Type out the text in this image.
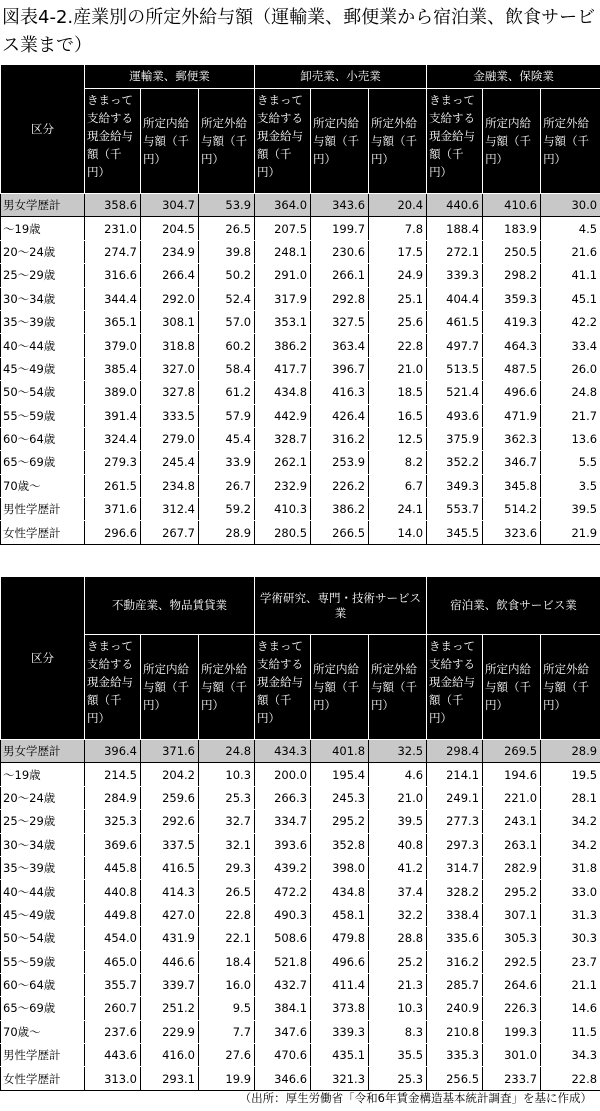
図表4-2.産業別の所定外給与額（運輸業、郵便業から宿泊業、飲食サービス業まで）
区分	運輸業、郵便業			卸売業、小売業			金融業、保険業		
	きまって支給する現金給与額（千円）	所定内給与額（千円）	所定外給与額（千円）	きまって支給する現金給与額（千円）	所定内給与額（千円）	所定外給与額（千円）	きまって支給する現金給与額（千円）	所定内給与額（千円）	所定外給与額（千円）
男女学歴計	358.6	304.7	53.9	364.0	343.6	20.4	440.6	410.6	30.0
～19歳	231.0	204.5	26.5	207.5	199.7	7.8	188.4	183.9	4.5
20～24歳	274.7	234.9	39.8	248.1	230.6	17.5	272.1	250.5	21.6
25～29歳	316.6	266.4	50.2	291.0	266.1	24.9	339.3	298.2	41.1
30～34歳	344.4	292.0	52.4	317.9	292.8	25.1	404.4	359.3	45.1
35～39歳	365.1	308.1	57.0	353.1	327.5	25.6	461.5	419.3	42.2
40～44歳	379.0	318.8	60.2	386.2	363.4	22.8	497.7	464.3	33.4
45～49歳	385.4	327.0	58.4	417.7	396.7	21.0	513.5	487.5	26.0
50～54歳	389.0	327.8	61.2	434.8	416.3	18.5	521.4	496.6	24.8
55～59歳	391.4	333.5	57.9	442.9	426.4	16.5	493.6	471.9	21.7
60～64歳	324.4	279.0	45.4	328.7	316.2	12.5	375.9	362.3	13.6
65～69歳	279.3	245.4	33.9	262.1	253.9	8.2	352.2	346.7	5.5
70歳～	261.5	234.8	26.7	232.9	226.2	6.7	349.3	345.8	3.5
男性学歴計	371.6	312.4	59.2	410.3	386.2	24.1	553.7	514.2	39.5
女性学歴計	296.6	267.7	28.9	280.5	266.5	14.0	345.5	323.6	21.9
区分	不動産業、物品賃貸業			学術研究、専門・技術サービス業			宿泊業、飲食サービス業		
	きまって支給する現金給与額（千円）	所定内給与額（千円）	所定外給与額（千円）	きまって支給する現金給与額（千円）	所定内給与額（千円）	所定外給与額（千円）	きまって支給する現金給与額（千円）	所定内給与額（千円）	所定外給与額（千円）
男女学歴計	396.4	371.6	24.8	434.3	401.8	32.5	298.4	269.5	28.9
～19歳	214.5	204.2	10.3	200.0	195.4	4.6	214.1	194.6	19.5
20～24歳	284.9	259.6	25.3	266.3	245.3	21.0	249.1	221.0	28.1
25～29歳	325.3	292.6	32.7	334.7	295.2	39.5	277.3	243.1	34.2
30～34歳	369.6	337.5	32.1	393.6	352.8	40.8	297.3	263.1	34.2
35～39歳	445.8	416.5	29.3	439.2	398.0	41.2	314.7	282.9	31.8
40～44歳	440.8	414.3	26.5	472.2	434.8	37.4	328.2	295.2	33.0
45～49歳	449.8	427.0	22.8	490.3	458.1	32.2	338.4	307.1	31.3
50～54歳	454.0	431.9	22.1	508.6	479.8	28.8	335.6	305.3	30.3
55～59歳	465.0	446.6	18.4	521.8	496.6	25.2	316.2	292.5	23.7
60～64歳	355.7	339.7	16.0	432.7	411.4	21.3	285.7	264.6	21.1
65～69歳	260.7	251.2	9.5	384.1	373.8	10.3	240.9	226.3	14.6
70歳～	237.6	229.9	7.7	347.6	339.3	8.3	210.8	199.3	11.5
男性学歴計	443.6	416.0	27.6	470.6	435.1	35.5	335.3	301.0	34.3
女性学歴計	313.0	293.1	19.9	346.6	321.3	25.3	256.5	233.7	22.8
（出所：厚生労働省「令和6年賃金構造基本統計調査」を基に作成）
